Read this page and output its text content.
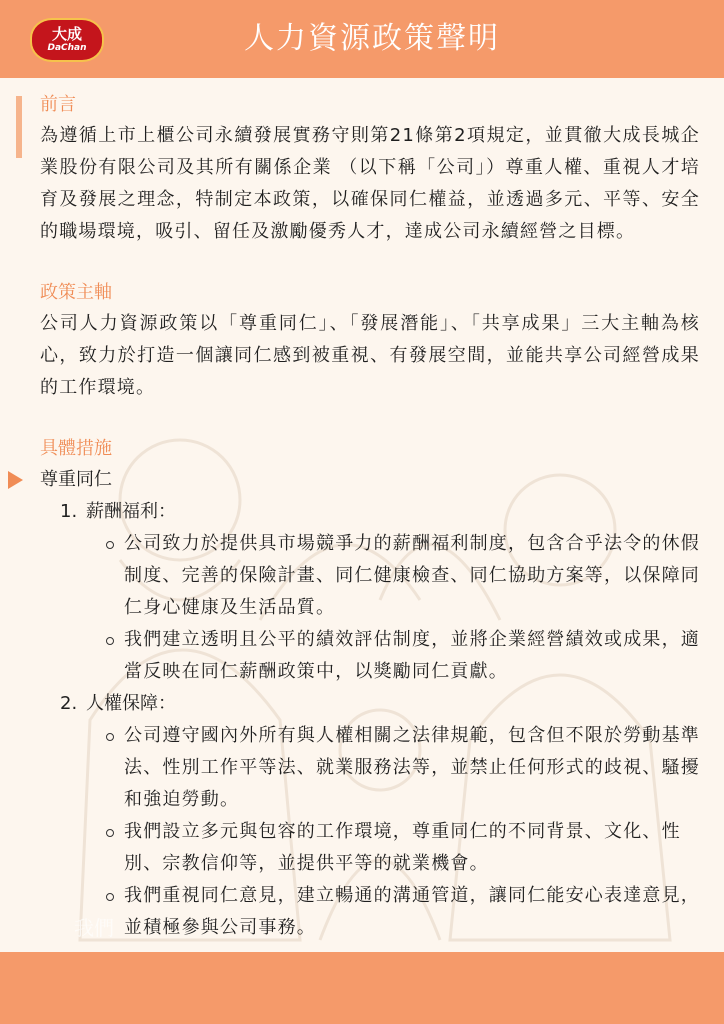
大成
DaChan	人力資源政策聲明
前言
為遵循上市上櫃公司永續發展實務守則第21條第2項規定，並貫徹大成長城企業股份有限公司及其所有關係企業 （以下稱「公司」）尊重人權、重視人才培育及發展之理念，特制定本政策，以確保同仁權益，並透過多元、平等、安全的職場環境，吸引、留任及激勵優秀人才，達成公司永續經營之目標。
政策主軸
公司人力資源政策以「尊重同仁」、「發展潛能」、「共享成果」三大主軸為核心，致力於打造一個讓同仁感到被重視、有發展空間，並能共享公司經營成果的工作環境。
具體措施
尊重同仁
1. 薪酬福利：
公司致力於提供具市場競爭力的薪酬福利制度，包含合乎法令的休假制度、完善的保險計畫、同仁健康檢查、同仁協助方案等，以保障同仁身心健康及生活品質。
我們建立透明且公平的績效評估制度，並將企業經營績效或成果，適當反映在同仁薪酬政策中，以獎勵同仁貢獻。
2. 人權保障：
公司遵守國內外所有與人權相關之法律規範，包含但不限於勞動基準法、性別工作平等法、就業服務法等，並禁止任何形式的歧視、騷擾和強迫勞動。
我們設立多元與包容的工作環境，尊重同仁的不同背景、文化、性別、宗教信仰等，並提供平等的就業機會。
我們重視同仁意見，建立暢通的溝通管道，讓同仁能安心表達意見，並積極參與公司事務。
我們
